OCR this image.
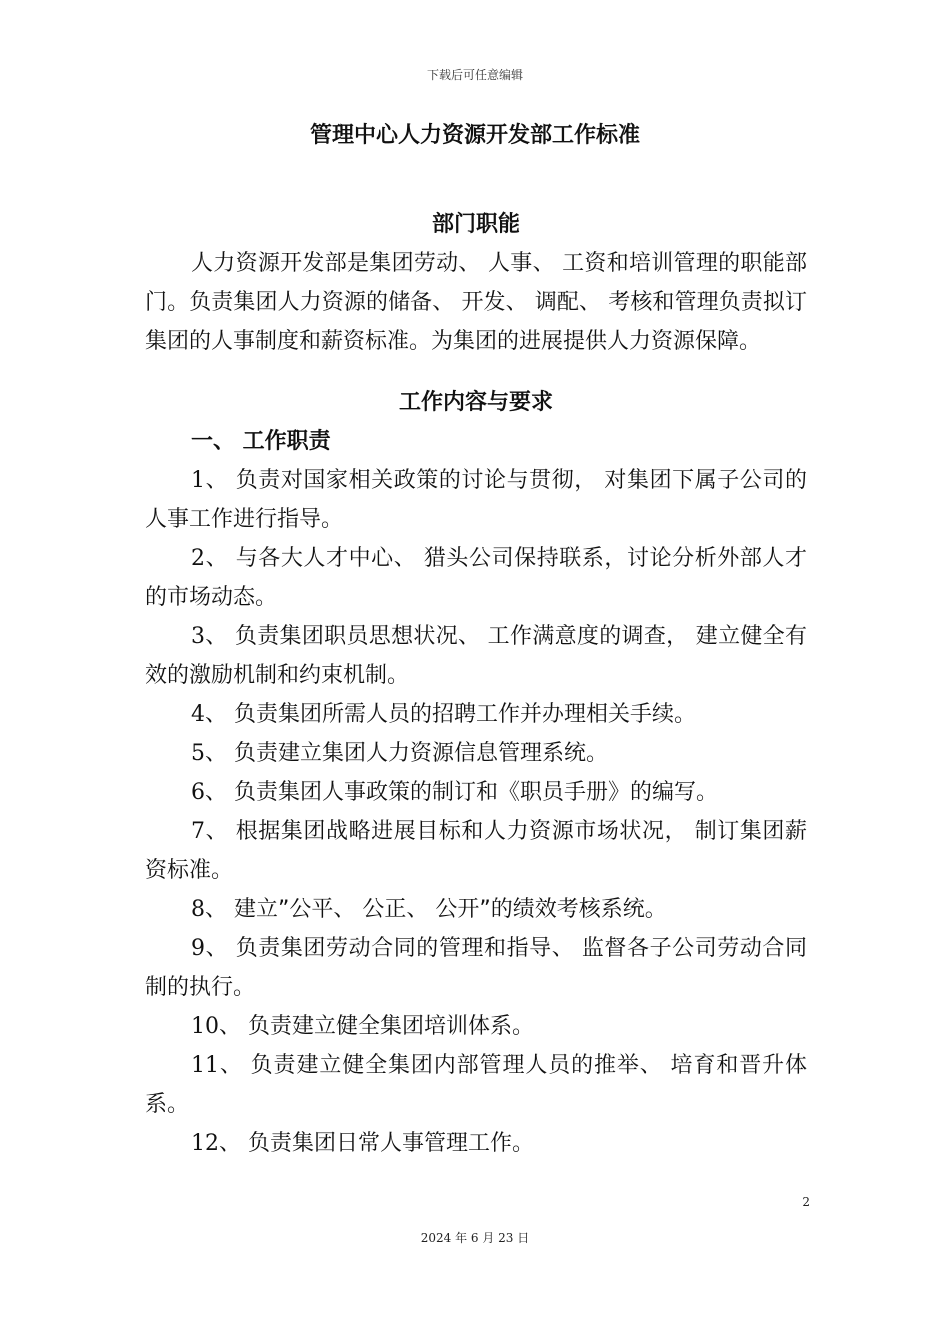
下载后可任意编辑
管理中心人力资源开发部工作标准

部门职能

人力资源开发部是集团劳动、 人事、 工资和培训管理的职能部门。负责集团人力资源的储备、 开发、 调配、 考核和管理负责拟订集团的人事制度和薪资标准。为集团的进展提供人力资源保障。

工作内容与要求

一、 工作职责

1、 负责对国家相关政策的讨论与贯彻， 对集团下属子公司的人事工作进行指导。

2、 与各大人才中心、 猎头公司保持联系，讨论分析外部人才的市场动态。

3、 负责集团职员思想状况、 工作满意度的调查， 建立健全有效的激励机制和约束机制。

4、 负责集团所需人员的招聘工作并办理相关手续。

5、 负责建立集团人力资源信息管理系统。

6、 负责集团人事政策的制订和《职员手册》的编写。

7、 根据集团战略进展目标和人力资源市场状况， 制订集团薪资标准。

8、 建立”公平、 公正、 公开”的绩效考核系统。

9、 负责集团劳动合同的管理和指导、 监督各子公司劳动合同制的执行。

10、 负责建立健全集团培训体系。

11、 负责建立健全集团内部管理人员的推举、 培育和晋升体系。

12、 负责集团日常人事管理工作。

2
2024 年 6 月 23 日
